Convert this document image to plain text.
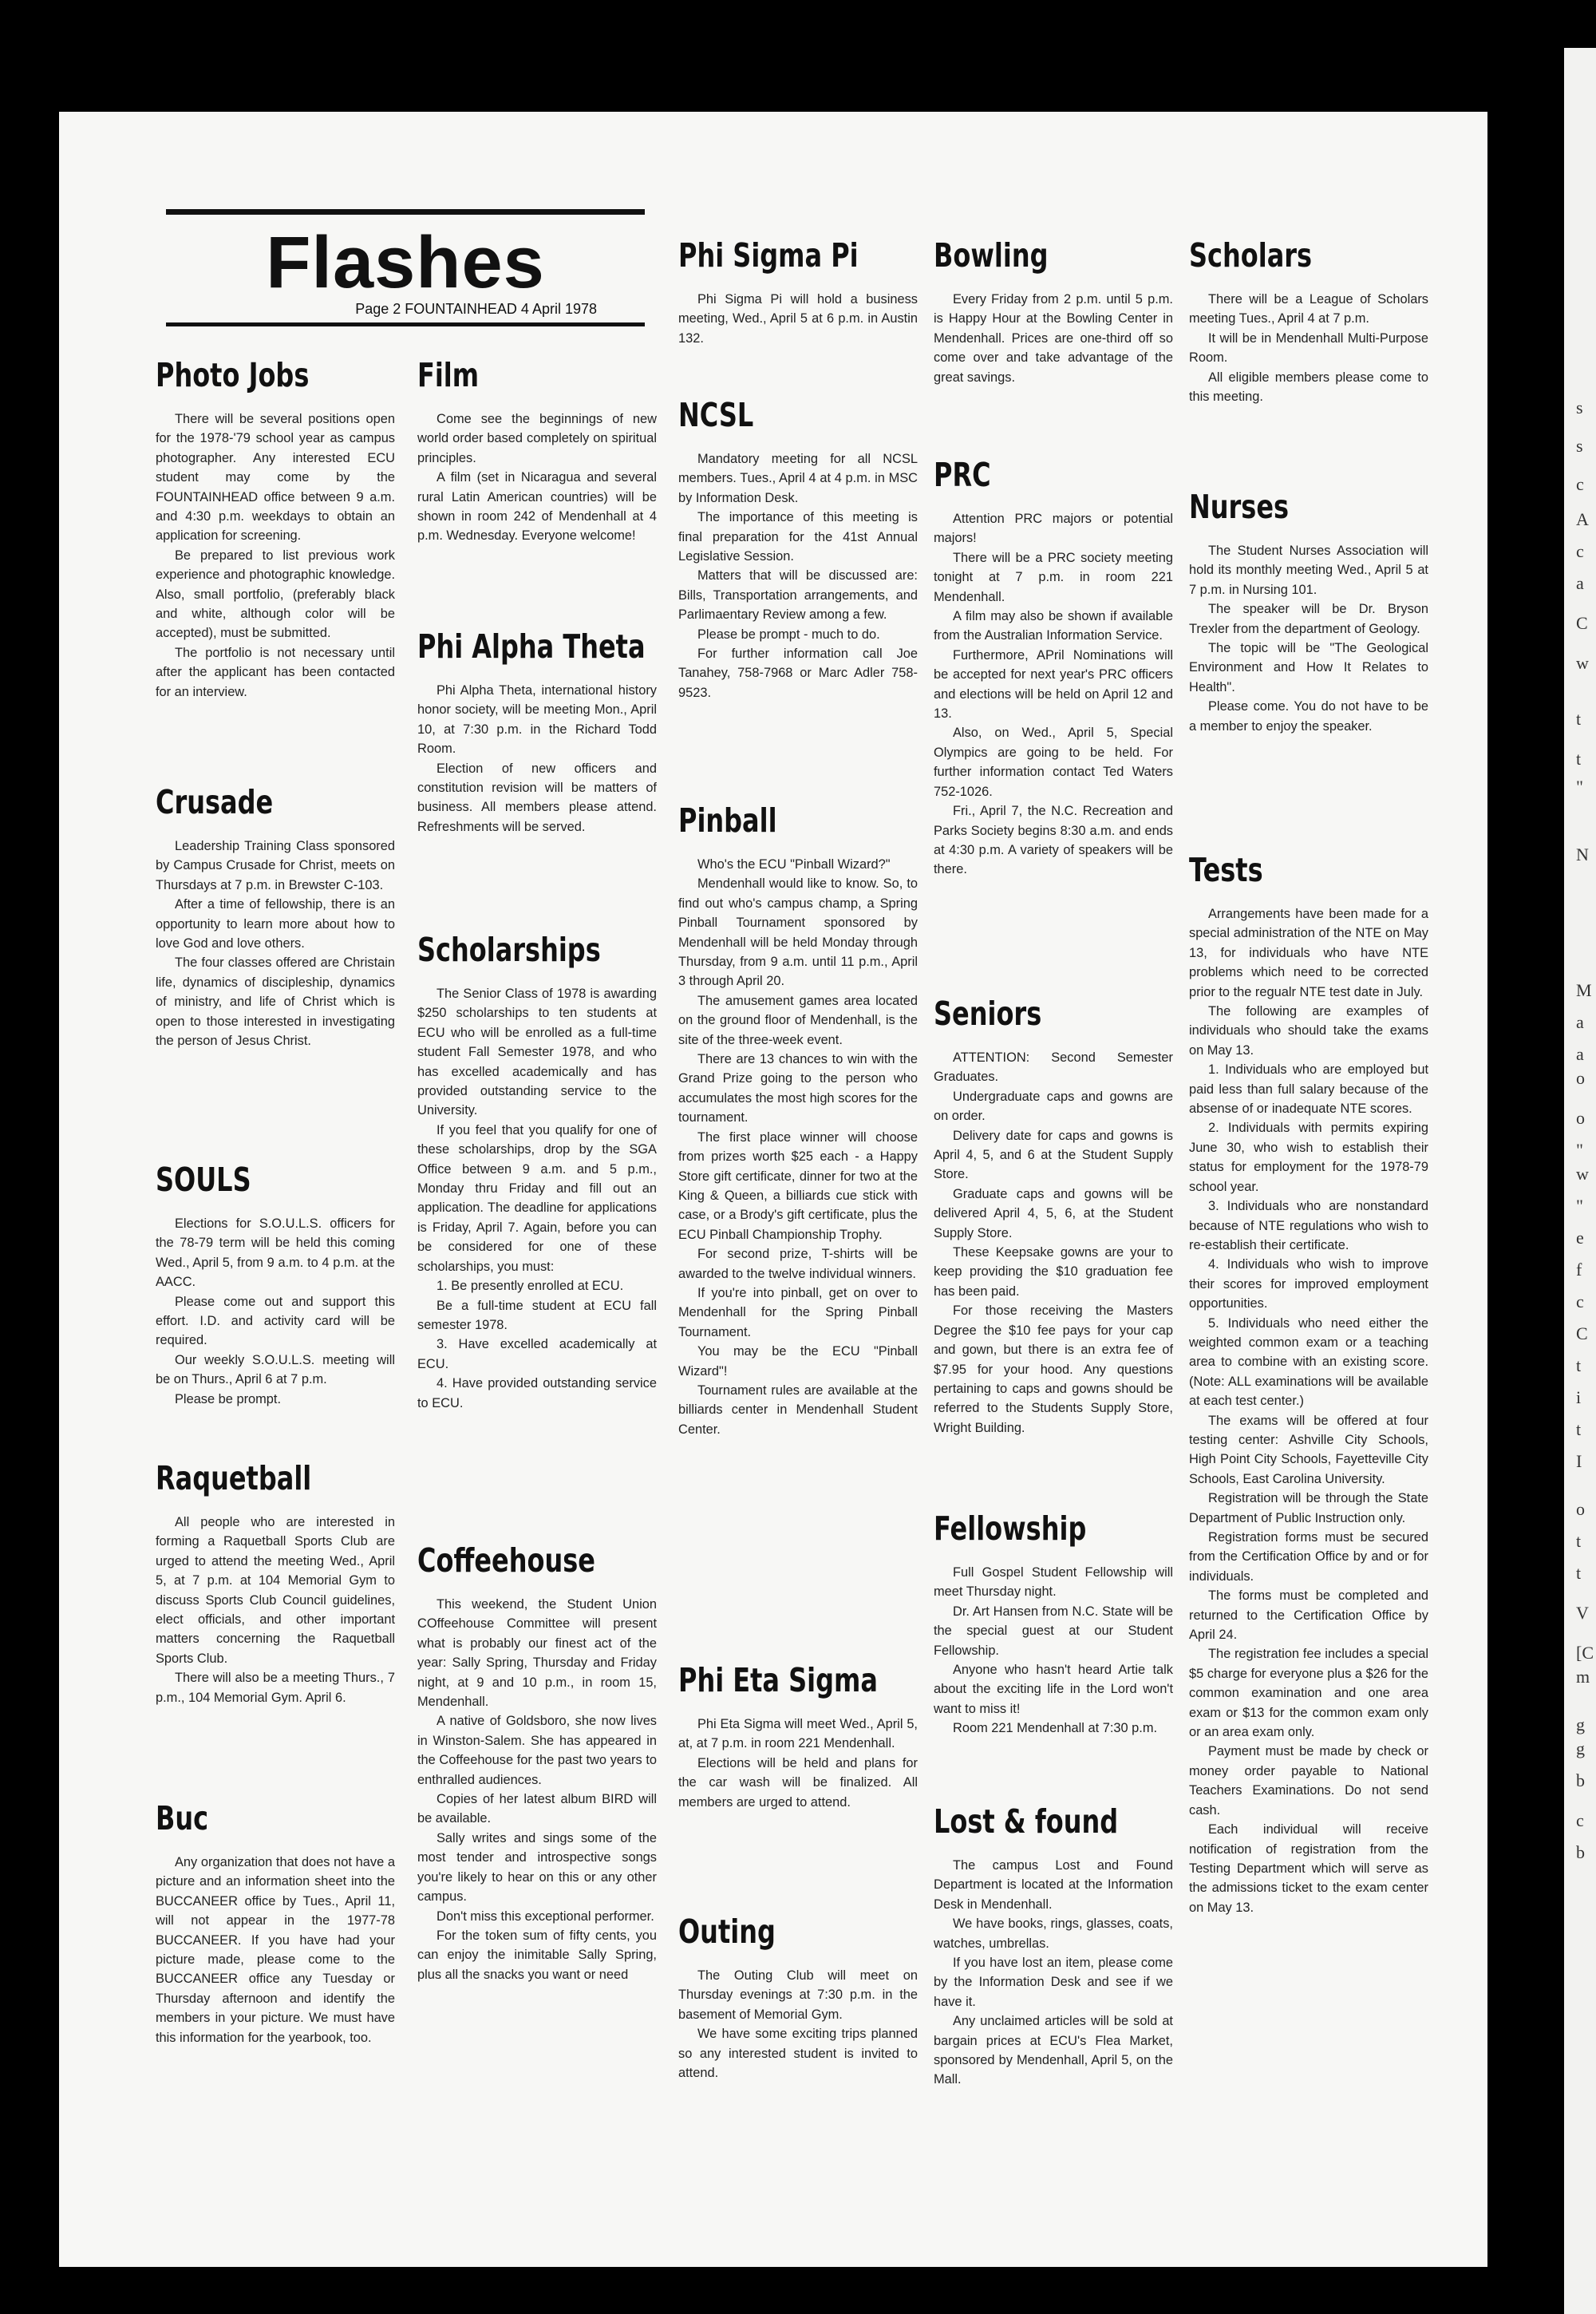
s
s
c
A
c
a
C
w
t
t
"
N
M
a
a
o
o
"
w
"
e
f
c
C
t
i
t
I
o
t
t
V
[C
m
g
g
b
c
b
Flashes
Page 2 FOUNTAINHEAD 4 April 1978
Photo Jobs

There will be several positions open for the 1978-'79 school year as campus photographer. Any interested ECU student may come by the FOUNTAINHEAD office between 9 a.m. and 4:30 p.m. weekdays to obtain an application for screening.

Be prepared to list previous work experience and photographic knowledge. Also, small portfolio, (preferably black and white, although color will be accepted), must be submitted.

The portfolio is not necessary until after the applicant has been contacted for an interview.

Crusade

Leadership Training Class sponsored by Campus Crusade for Christ, meets on Thursdays at 7 p.m. in Brewster C-103.

After a time of fellowship, there is an opportunity to learn more about how to love God and love others.

The four classes offered are Christain life, dynamics of discipleship, dynamics of ministry, and life of Christ which is open to those interested in investigating the person of Jesus Christ.

SOULS

Elections for S.O.U.L.S. officers for the 78-79 term will be held this coming Wed., April 5, from 9 a.m. to 4 p.m. at the AACC.

Please come out and support this effort. I.D. and activity card will be required.

Our weekly S.O.U.L.S. meeting will be on Thurs., April 6 at 7 p.m.

Please be prompt.

Raquetball

All people who are interested in forming a Raquetball Sports Club are urged to attend the meeting Wed., April 5, at 7 p.m. at 104 Memorial Gym to discuss Sports Club Council guidelines, elect officials, and other important matters concerning the Raquetball Sports Club.

There will also be a meeting Thurs., 7 p.m., 104 Memorial Gym. April 6.

Buc

Any organization that does not have a picture and an information sheet into the BUCCANEER office by Tues., April 11, will not appear in the 1977-78 BUCCANEER. If you have had your picture made, please come to the BUCCANEER office any Tuesday or Thursday afternoon and identify the members in your picture. We must have this information for the yearbook, too.

Film

Come see the beginnings of new world order based completely on spiritual principles.

A film (set in Nicaragua and several rural Latin American countries) will be shown in room 242 of Mendenhall at 4 p.m. Wednesday. Everyone welcome!

Phi Alpha Theta

Phi Alpha Theta, international history honor society, will be meeting Mon., April 10, at 7:30 p.m. in the Richard Todd Room.

Election of new officers and constitution revision will be matters of business. All members please attend. Refreshments will be served.

Scholarships

The Senior Class of 1978 is awarding $250 scholarships to ten students at ECU who will be enrolled as a full-time student Fall Semester 1978, and who has excelled academically and has provided outstanding service to the University.

If you feel that you qualify for one of these scholarships, drop by the SGA Office between 9 a.m. and 5 p.m., Monday thru Friday and fill out an application. The deadline for applications is Friday, April 7. Again, before you can be considered for one of these scholarships, you must:

1. Be presently enrolled at ECU.

Be a full-time student at ECU fall semester 1978.

3. Have excelled academically at ECU.

4. Have provided outstanding service to ECU.

Coffeehouse

This weekend, the Student Union COffeehouse Committee will present what is probably our finest act of the year: Sally Spring, Thursday and Friday night, at 9 and 10 p.m., in room 15, Mendenhall.

A native of Goldsboro, she now lives in Winston-Salem. She has appeared in the Coffeehouse for the past two years to enthralled audiences.

Copies of her latest album BIRD will be available.

Sally writes and sings some of the most tender and introspective songs you're likely to hear on this or any other campus.

Don't miss this exceptional performer.

For the token sum of fifty cents, you can enjoy the inimitable Sally Spring, plus all the snacks you want or need

Phi Sigma Pi

Phi Sigma Pi will hold a business meeting, Wed., April 5 at 6 p.m. in Austin 132.

NCSL

Mandatory meeting for all NCSL members. Tues., April 4 at 4 p.m. in MSC by Information Desk.

The importance of this meeting is final preparation for the 41st Annual Legislative Session.

Matters that will be discussed are: Bills, Transportation arrangements, and Parlimaentary Review among a few.

Please be prompt - much to do.

For further information call Joe Tanahey, 758-7968 or Marc Adler 758-9523.

Pinball

Who's the ECU "Pinball Wizard?"

Mendenhall would like to know. So, to find out who's campus champ, a Spring Pinball Tournament sponsored by Mendenhall will be held Monday through Thursday, from 9 a.m. until 11 p.m., April 3 through April 20.

The amusement games area located on the ground floor of Mendenhall, is the site of the three-week event.

There are 13 chances to win with the Grand Prize going to the person who accumulates the most high scores for the tournament.

The first place winner will choose from prizes worth $25 each - a Happy Store gift certificate, dinner for two at the King & Queen, a billiards cue stick with case, or a Brody's gift certificate, plus the ECU Pinball Championship Trophy.

For second prize, T-shirts will be awarded to the twelve individual winners.

If you're into pinball, get on over to Mendenhall for the Spring Pinball Tournament.

You may be the ECU "Pinball Wizard"!

Tournament rules are available at the billiards center in Mendenhall Student Center.

Phi Eta Sigma

Phi Eta Sigma will meet Wed., April 5, at, at 7 p.m. in room 221 Mendenhall.

Elections will be held and plans for the car wash will be finalized. All members are urged to attend.

Outing

The Outing Club will meet on Thursday evenings at 7:30 p.m. in the basement of Memorial Gym.

We have some exciting trips planned so any interested student is invited to attend.

Bowling

Every Friday from 2 p.m. until 5 p.m. is Happy Hour at the Bowling Center in Mendenhall. Prices are one-third off so come over and take advantage of the great savings.

PRC

Attention PRC majors or potential majors!

There will be a PRC society meeting tonight at 7 p.m. in room 221 Mendenhall.

A film may also be shown if available from the Australian Information Service.

Furthermore, APril Nominations will be accepted for next year's PRC officers and elections will be held on April 12 and 13.

Also, on Wed., April 5, Special Olympics are going to be held. For further information contact Ted Waters 752-1026.

Fri., April 7, the N.C. Recreation and Parks Society begins 8:30 a.m. and ends at 4:30 p.m. A variety of speakers will be there.

Seniors

ATTENTION: Second Semester Graduates.

Undergraduate caps and gowns are on order.

Delivery date for caps and gowns is April 4, 5, and 6 at the Student Supply Store.

Graduate caps and gowns will be delivered April 4, 5, 6, at the Student Supply Store.

These Keepsake gowns are your to keep providing the $10 graduation fee has been paid.

For those receiving the Masters Degree the $10 fee pays for your cap and gown, but there is an extra fee of $7.95 for your hood. Any questions pertaining to caps and gowns should be referred to the Students Supply Store, Wright Building.

Fellowship

Full Gospel Student Fellowship will meet Thursday night.

Dr. Art Hansen from N.C. State will be the special guest at our Student Fellowship.

Anyone who hasn't heard Artie talk about the exciting life in the Lord won't want to miss it!

Room 221 Mendenhall at 7:30 p.m.

Lost & found

The campus Lost and Found Department is located at the Information Desk in Mendenhall.

We have books, rings, glasses, coats, watches, umbrellas.

If you have lost an item, please come by the Information Desk and see if we have it.

Any unclaimed articles will be sold at bargain prices at ECU's Flea Market, sponsored by Mendenhall, April 5, on the Mall.

Scholars

There will be a League of Scholars meeting Tues., April 4 at 7 p.m.

It will be in Mendenhall Multi-Purpose Room.

All eligible members please come to this meeting.

Nurses

The Student Nurses Association will hold its monthly meeting Wed., April 5 at 7 p.m. in Nursing 101.

The speaker will be Dr. Bryson Trexler from the department of Geology.

The topic will be "The Geological Environment and How It Relates to Health".

Please come. You do not have to be a member to enjoy the speaker.

Tests

Arrangements have been made for a special administration of the NTE on May 13, for individuals who have NTE problems which need to be corrected prior to the regualr NTE test date in July.

The following are examples of individuals who should take the exams on May 13.

1. Individuals who are employed but paid less than full salary because of the absense of or inadequate NTE scores.

2. Individuals with permits expiring June 30, who wish to establish their status for employment for the 1978-79 school year.

3. Individuals who are nonstandard because of NTE regulations who wish to re-establish their certificate.

4. Individuals who wish to improve their scores for improved employment opportunities.

5. Individuals who need either the weighted common exam or a teaching area to combine with an existing score. (Note: ALL examinations will be available at each test center.)

The exams will be offered at four testing center: Ashville City Schools, High Point City Schools, Fayetteville City Schools, East Carolina University.

Registration will be through the State Department of Public Instruction only.

Registration forms must be secured from the Certification Office by and or for individuals.

The forms must be completed and returned to the Certification Office by April 24.

The registration fee includes a special $5 charge for everyone plus a $26 for the common examination and one area exam or $13 for the common exam only or an area exam only.

Payment must be made by check or money order payable to National Teachers Examinations. Do not send cash.

Each individual will receive notification of registration from the Testing Department which will serve as the admissions ticket to the exam center on May 13.
